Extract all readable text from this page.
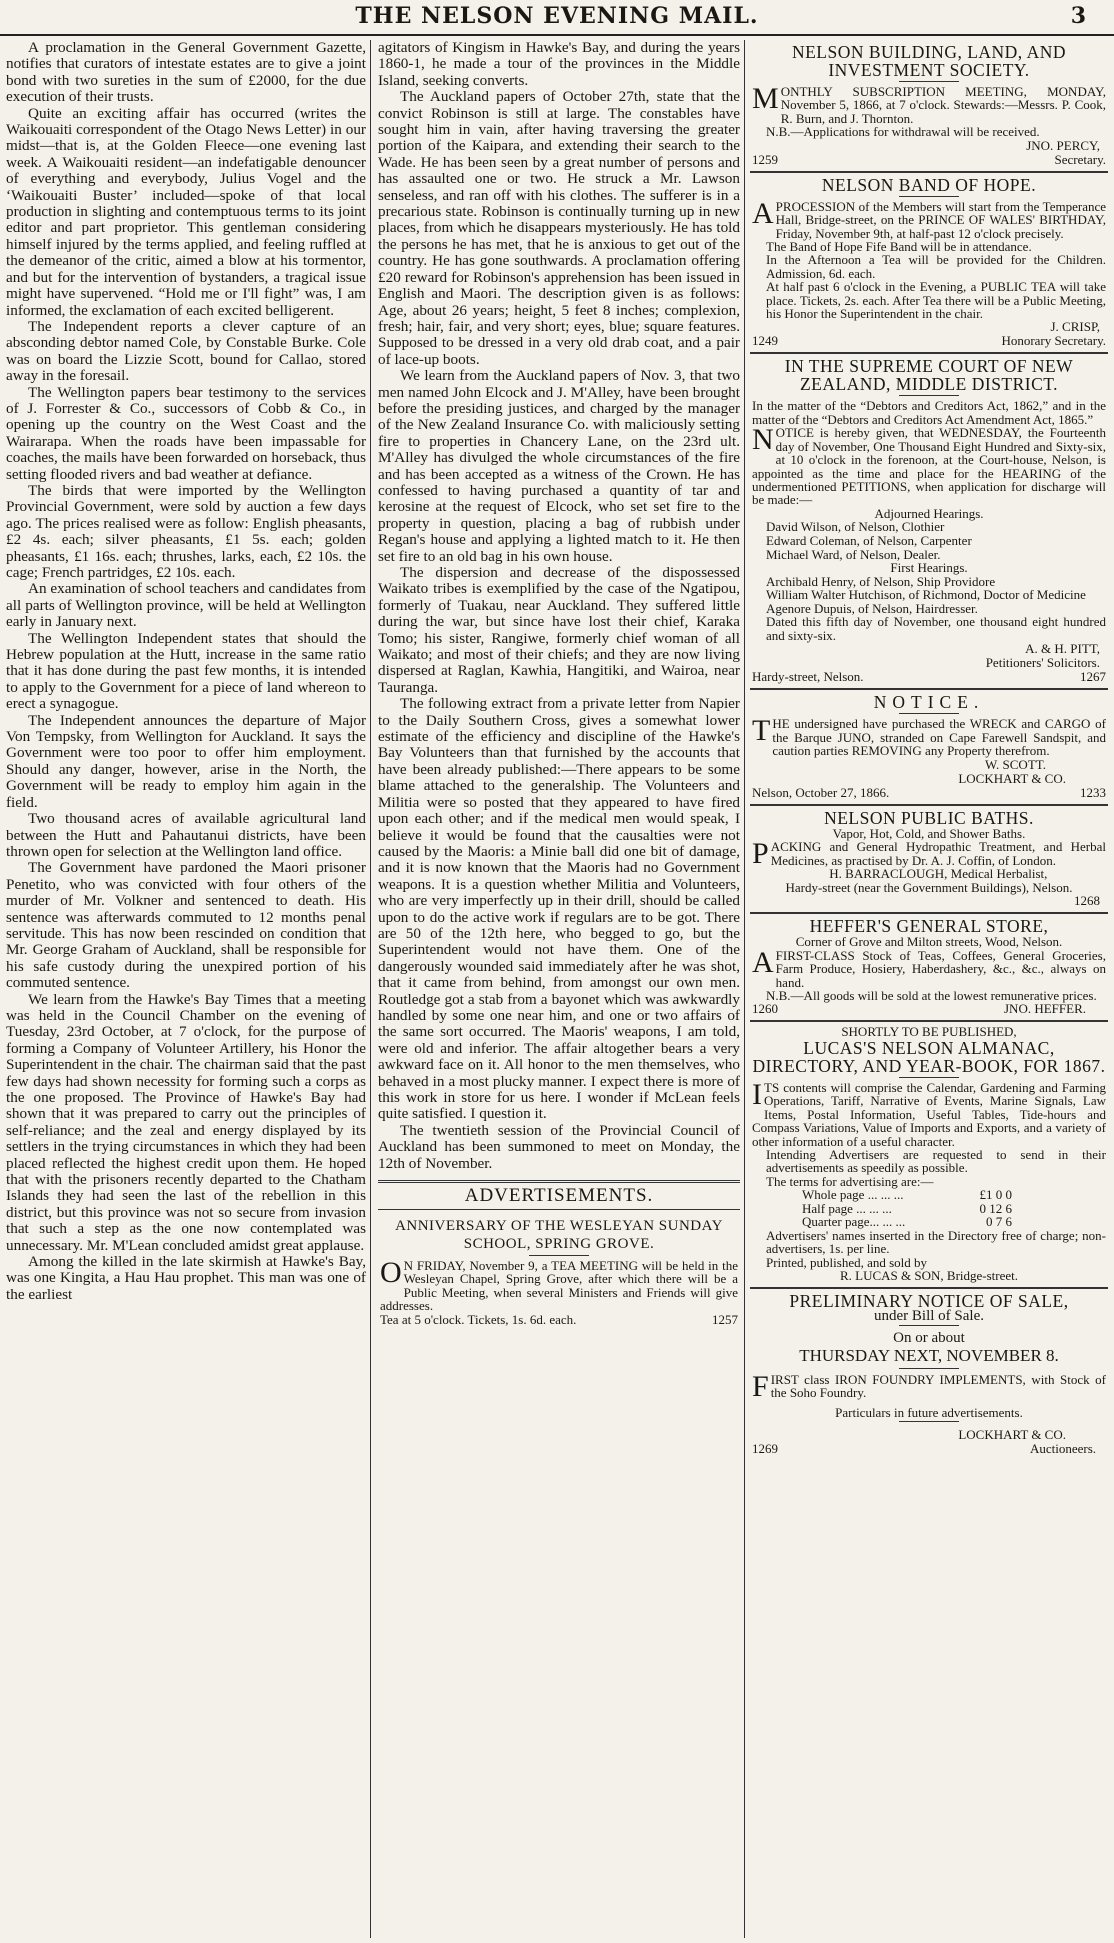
THE NELSON EVENING MAIL.	3

A proclamation in the General Government Gazette, notifies that curators of intestate estates are to give a joint bond with two sureties in the sum of £2000, for the due execution of their trusts.

Quite an exciting affair has occurred (writes the Waikouaiti correspondent of the Otago News Letter) in our midst—that is, at the Golden Fleece—one evening last week. A Waikouaiti resident—an indefatigable denouncer of everything and everybody, Julius Vogel and the ‘Waikouaiti Buster’ included—spoke of that local production in slighting and contemptuous terms to its joint editor and part proprietor. This gentleman considering himself injured by the terms applied, and feeling ruffled at the demeanor of the critic, aimed a blow at his tormentor, and but for the intervention of bystanders, a tragical issue might have supervened. “Hold me or I'll fight” was, I am informed, the exclamation of each excited belligerent.

The Independent reports a clever capture of an absconding debtor named Cole, by Constable Burke. Cole was on board the Lizzie Scott, bound for Callao, stored away in the foresail.

The Wellington papers bear testimony to the services of J. Forrester & Co., successors of Cobb & Co., in opening up the country on the West Coast and the Wairarapa. When the roads have been impassable for coaches, the mails have been forwarded on horseback, thus setting flooded rivers and bad weather at defiance.

The birds that were imported by the Wellington Provincial Government, were sold by auction a few days ago. The prices realised were as follow: English pheasants, £2 4s. each; silver pheasants, £1 5s. each; golden pheasants, £1 16s. each; thrushes, larks, each, £2 10s. the cage; French partridges, £2 10s. each.

An examination of school teachers and candidates from all parts of Wellington province, will be held at Wellington early in January next.

The Wellington Independent states that should the Hebrew population at the Hutt, increase in the same ratio that it has done during the past few months, it is intended to apply to the Government for a piece of land whereon to erect a synagogue.

The Independent announces the departure of Major Von Tempsky, from Wellington for Auckland. It says the Government were too poor to offer him employment. Should any danger, however, arise in the North, the Government will be ready to employ him again in the field.

Two thousand acres of available agricultural land between the Hutt and Pahautanui districts, have been thrown open for selection at the Wellington land office.

The Government have pardoned the Maori prisoner Penetito, who was convicted with four others of the murder of Mr. Volkner and sentenced to death. His sentence was afterwards commuted to 12 months penal servitude. This has now been rescinded on condition that Mr. George Graham of Auckland, shall be responsible for his safe custody during the unexpired portion of his commuted sentence.

We learn from the Hawke's Bay Times that a meeting was held in the Council Chamber on the evening of Tuesday, 23rd October, at 7 o'clock, for the purpose of forming a Company of Volunteer Artillery, his Honor the Superintendent in the chair. The chairman said that the past few days had shown necessity for forming such a corps as the one proposed. The Province of Hawke's Bay had shown that it was prepared to carry out the principles of self-reliance; and the zeal and energy displayed by its settlers in the trying circumstances in which they had been placed reflected the highest credit upon them. He hoped that with the prisoners recently departed to the Chatham Islands they had seen the last of the rebellion in this district, but this province was not so secure from invasion that such a step as the one now contemplated was unnecessary. Mr. M'Lean concluded amidst great applause.

Among the killed in the late skirmish at Hawke's Bay, was one Kingita, a Hau Hau prophet. This man was one of the earliest

agitators of Kingism in Hawke's Bay, and during the years 1860-1, he made a tour of the provinces in the Middle Island, seeking converts.

The Auckland papers of October 27th, state that the convict Robinson is still at large. The constables have sought him in vain, after having traversing the greater portion of the Kaipara, and extending their search to the Wade. He has been seen by a great number of persons and has assaulted one or two. He struck a Mr. Lawson senseless, and ran off with his clothes. The sufferer is in a precarious state. Robinson is continually turning up in new places, from which he disappears mysteriously. He has told the persons he has met, that he is anxious to get out of the country. He has gone southwards. A proclamation offering £20 reward for Robinson's apprehension has been issued in English and Maori. The description given is as follows: Age, about 26 years; height, 5 feet 8 inches; complexion, fresh; hair, fair, and very short; eyes, blue; square features. Supposed to be dressed in a very old drab coat, and a pair of lace-up boots.

We learn from the Auckland papers of Nov. 3, that two men named John Elcock and J. M'Alley, have been brought before the presiding justices, and charged by the manager of the New Zealand Insurance Co. with maliciously setting fire to properties in Chancery Lane, on the 23rd ult. M'Alley has divulged the whole circumstances of the fire and has been accepted as a witness of the Crown. He has confessed to having purchased a quantity of tar and kerosine at the request of Elcock, who set set fire to the property in question, placing a bag of rubbish under Regan's house and applying a lighted match to it. He then set fire to an old bag in his own house.

The dispersion and decrease of the dispossessed Waikato tribes is exemplified by the case of the Ngatipou, formerly of Tuakau, near Auckland. They suffered little during the war, but since have lost their chief, Karaka Tomo; his sister, Rangiwe, formerly chief woman of all Waikato; and most of their chiefs; and they are now living dispersed at Raglan, Kawhia, Hangitiki, and Wairoa, near Tauranga.

The following extract from a private letter from Napier to the Daily Southern Cross, gives a somewhat lower estimate of the efficiency and discipline of the Hawke's Bay Volunteers than that furnished by the accounts that have been already published:—There appears to be some blame attached to the generalship. The Volunteers and Militia were so posted that they appeared to have fired upon each other; and if the medical men would speak, I believe it would be found that the causalties were not caused by the Maoris: a Minie ball did one bit of damage, and it is now known that the Maoris had no Government weapons. It is a question whether Militia and Volunteers, who are very imperfectly up in their drill, should be called upon to do the active work if regulars are to be got. There are 50 of the 12th here, who begged to go, but the Superintendent would not have them. One of the dangerously wounded said immediately after he was shot, that it came from behind, from amongst our own men. Routledge got a stab from a bayonet which was awkwardly handled by some one near him, and one or two affairs of the same sort occurred. The Maoris' weapons, I am told, were old and inferior. The affair altogether bears a very awkward face on it. All honor to the men themselves, who behaved in a most plucky manner. I expect there is more of this work in store for us here. I wonder if McLean feels quite satisfied. I question it.

The twentieth session of the Provincial Council of Auckland has been summoned to meet on Monday, the 12th of November.

ADVERTISEMENTS.
ANNIVERSARY OF THE WESLEYAN SUNDAY SCHOOL, SPRING GROVE.
O N FRIDAY, November 9, a TEA MEETING will be held in the Wesleyan Chapel, Spring Grove, after which there will be a Public Meeting, when several Ministers and Friends will give addresses.
Tea at 5 o'clock. Tickets, 1s. 6d. each.	1257
NELSON BUILDING, LAND, AND INVESTMENT SOCIETY.
MONTHLY SUBSCRIPTION MEETING, MONDAY, November 5, 1866, at 7 o'clock. Stewards:—Messrs. P. Cook, R. Burn, and J. Thornton.
N.B.—Applications for withdrawal will be received.
JNO. PERCY,
1259	Secretary.
NELSON BAND OF HOPE.
APROCESSION of the Members will start from the Temperance Hall, Bridge-street, on the PRINCE OF WALES' BIRTHDAY, Friday, November 9th, at half-past 12 o'clock precisely.
The Band of Hope Fife Band will be in attendance.
In the Afternoon a Tea will be provided for the Children. Admission, 6d. each.
At half past 6 o'clock in the Evening, a PUBLIC TEA will take place. Tickets, 2s. each. After Tea there will be a Public Meeting, his Honor the Superintendent in the chair.
J. CRISP,
1249	Honorary Secretary.
IN THE SUPREME COURT OF NEW ZEALAND, MIDDLE DISTRICT.
In the matter of the “Debtors and Creditors Act, 1862,” and in the matter of the “Debtors and Creditors Act Amendment Act, 1865.”
NOTICE is hereby given, that WEDNESDAY, the Fourteenth day of November, One Thousand Eight Hundred and Sixty-six, at 10 o'clock in the forenoon, at the Court-house, Nelson, is appointed as the time and place for the HEARING of the undermentioned PETITIONS, when application for discharge will be made:—
Adjourned Hearings.
David Wilson, of Nelson, Clothier
Edward Coleman, of Nelson, Carpenter
Michael Ward, of Nelson, Dealer.
First Hearings.
Archibald Henry, of Nelson, Ship Providore
William Walter Hutchison, of Richmond, Doctor of Medicine
Agenore Dupuis, of Nelson, Hairdresser.
Dated this fifth day of November, one thousand eight hundred and sixty-six.
A. & H. PITT,
Petitioners' Solicitors.
Hardy-street, Nelson.	1267
NOTICE.
THE undersigned have purchased the WRECK and CARGO of the Barque JUNO, stranded on Cape Farewell Sandspit, and caution parties REMOVING any Property therefrom.
W. SCOTT.
LOCKHART & CO.
Nelson, October 27, 1866.	1233
NELSON PUBLIC BATHS.
Vapor, Hot, Cold, and Shower Baths.
PACKING and General Hydropathic Treatment, and Herbal Medicines, as practised by Dr. A. J. Coffin, of London.
H. BARRACLOUGH, Medical Herbalist,
Hardy-street (near the Government Buildings), Nelson.
1268
HEFFER'S GENERAL STORE,
Corner of Grove and Milton streets, Wood, Nelson.
AFIRST-CLASS Stock of Teas, Coffees, General Groceries, Farm Produce, Hosiery, Haberdashery, &c., &c., always on hand.
N.B.—All goods will be sold at the lowest remunerative prices.
1260	JNO. HEFFER.
SHORTLY TO BE PUBLISHED,
LUCAS'S NELSON ALMANAC, DIRECTORY, AND YEAR-BOOK, FOR 1867.
ITS contents will comprise the Calendar, Gardening and Farming Operations, Tariff, Narrative of Events, Marine Signals, Law Items, Postal Information, Useful Tables, Tide-hours and Compass Variations, Value of Imports and Exports, and a variety of other information of a useful character.
Intending Advertisers are requested to send in their advertisements as speedily as possible.
The terms for advertising are:—
Whole page ... ... ...	£1 0 0
Half page ... ... ...	0 12 6
Quarter page... ... ...	0 7 6
Advertisers' names inserted in the Directory free of charge; non-advertisers, 1s. per line.
Printed, published, and sold by
R. LUCAS & SON, Bridge-street.
PRELIMINARY NOTICE OF SALE,
under Bill of Sale.
On or about
THURSDAY NEXT, NOVEMBER 8.
FIRST class IRON FOUNDRY IMPLEMENTS, with Stock of the Soho Foundry.
Particulars in future advertisements.
LOCKHART & CO.
1269	Auctioneers.
